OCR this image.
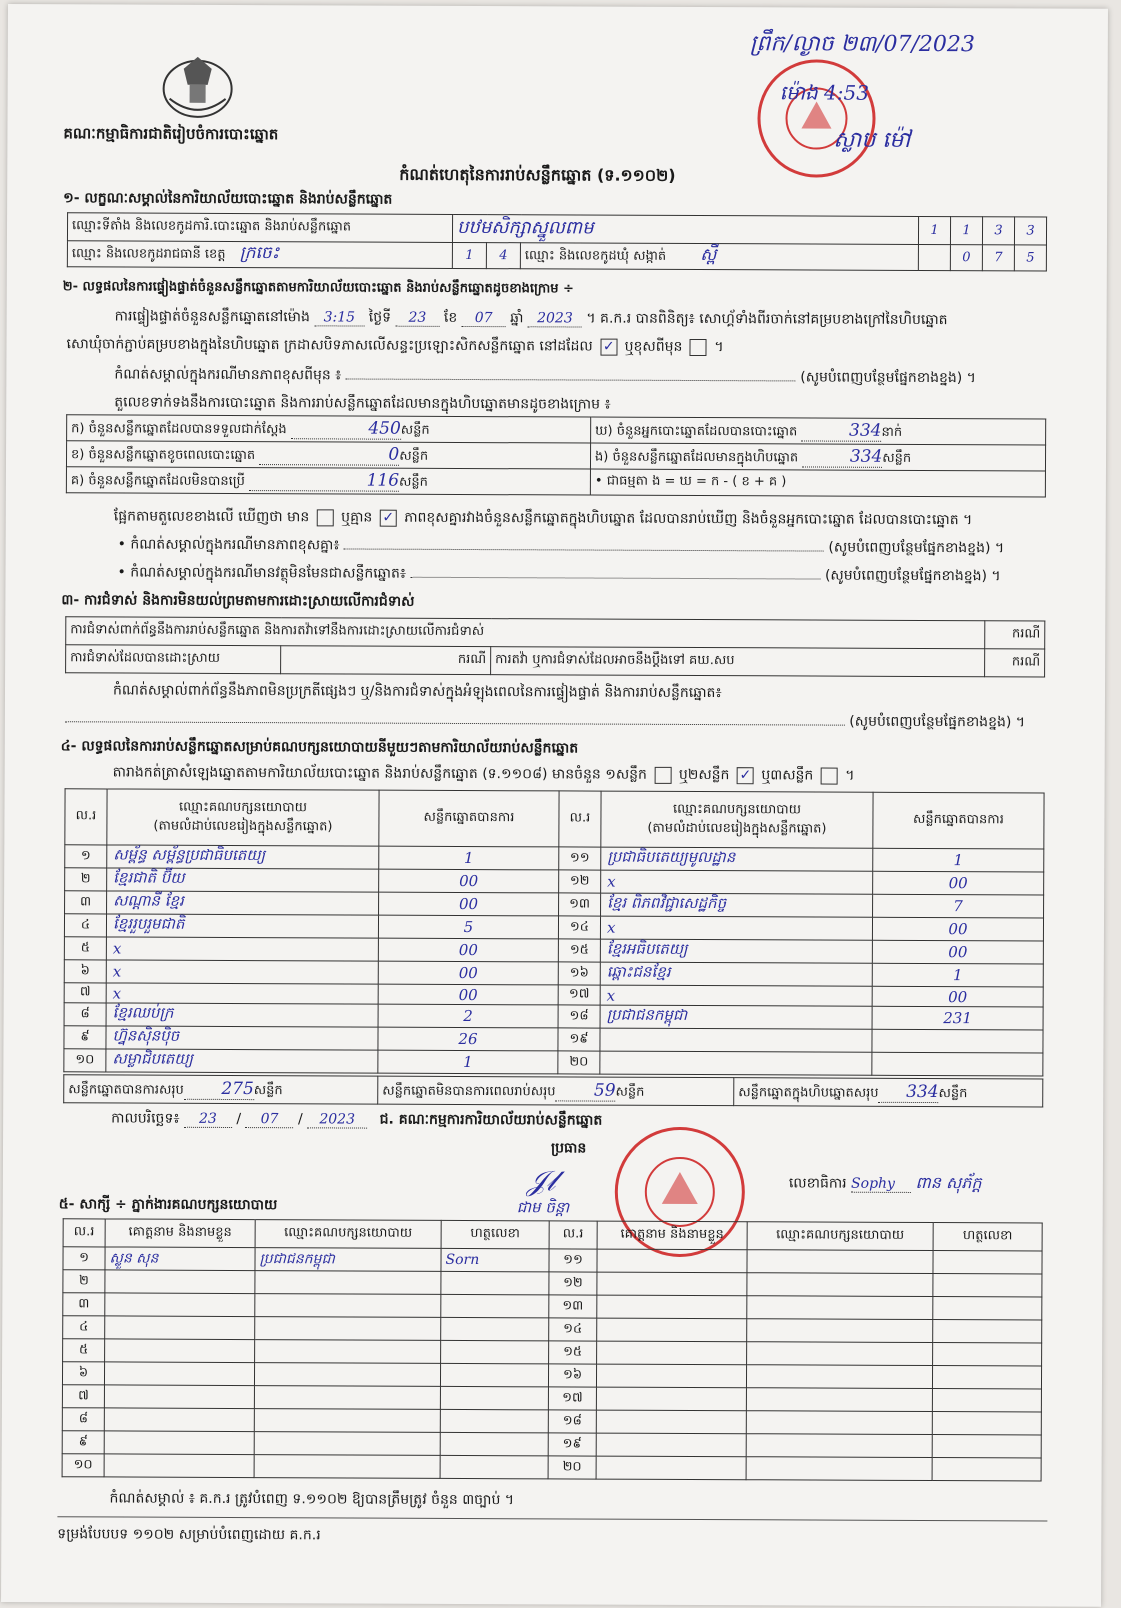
គណៈកម្មាធិការជាតិរៀបចំការបោះឆ្នោត
ព្រឹក/ល្ងាច ២៣/07/2023
ម៉ោង 4:53
ស្លាប ម៉ៅ
កំណត់ហេតុនៃការរាប់សន្លឹកឆ្នោត (ទ.១១០២)
១- លក្ខណៈសម្គាល់នៃការិយាល័យបោះឆ្នោត និងរាប់សន្លឹកឆ្នោត
ឈ្មោះទីតាំង និងលេខកូដការិ.បោះឆ្នោត និងរាប់សន្លឹកឆ្នោត	បឋមសិក្សាស្នួលពាម			1	1	3	3
ឈ្មោះ និងលេខកូដរាជធានី ខេត្ត ក្រចេះ	1	4	ឈ្មោះ និងលេខកូដឃុំ សង្កាត់ ស្ពឺ		0	7	5
២- លទ្ធផលនៃការផ្ទៀងផ្ទាត់ចំនួនសន្លឹកឆ្នោតតាមការិយាល័យបោះឆ្នោត និងរាប់សន្លឹកឆ្នោតដូចខាងក្រោម ÷
ការផ្ទៀងផ្ទាត់ចំនួនសន្លឹកឆ្នោតនៅម៉ោង 3:15 ថ្ងៃទី 23 ខែ 07 ឆ្នាំ 2023 ។ គ.ក.រ បានពិនិត្យ៖ សោហ្គ័ទាំងពីរចាក់នៅគម្របខាងក្រៅនៃហិបឆ្នោត
សោឃុំចាក់ភ្ជាប់គម្របខាងក្នុងនៃហិបឆ្នោត ក្រដាសបិទភាសលើសន្ទះប្រឡោះសិកសន្លឹកឆ្នោត នៅដដែល ✓ ឬខុសពីមុន  ។
កំណត់សម្គាល់ក្នុងករណីមានភាពខុសពីមុន ៖	(សូមបំពេញបន្ថែមផ្នែកខាងខ្នង) ។
តួលេខទាក់ទងនឹងការបោះឆ្នោត និងការរាប់សន្លឹកឆ្នោតដែលមានក្នុងហិបឆ្នោតមានដូចខាងក្រោម ៖
ក) ចំនួនសន្លឹកឆ្នោតដែលបានទទួលជាក់ស្តែង 450សន្លឹក	ឃ) ចំនួនអ្នកបោះឆ្នោតដែលបានបោះឆ្នោត 334នាក់
ខ) ចំនួនសន្លឹកឆ្នោតខូចពេលបោះឆ្នោត 0សន្លឹក	ង) ចំនួនសន្លឹកឆ្នោតដែលមានក្នុងហិបឆ្នោត 334សន្លឹក
គ) ចំនួនសន្លឹកឆ្នោតដែលមិនបានប្រើ 116សន្លឹក	• ជាធម្មតា ង = ឃ = ក - ( ខ + គ )
ផ្អែកតាមតួលេខខាងលើ ឃើញថា មាន ឬគ្មាន ✓ ភាពខុសគ្នារវាងចំនួនសន្លឹកឆ្នោតក្នុងហិបឆ្នោត ដែលបានរាប់ឃើញ និងចំនួនអ្នកបោះឆ្នោត ដែលបានបោះឆ្នោត ។
• កំណត់សម្គាល់ក្នុងករណីមានភាពខុសគ្នា៖	(សូមបំពេញបន្ថែមផ្នែកខាងខ្នង) ។
• កំណត់សម្គាល់ក្នុងករណីមានវត្ថុមិនមែនជាសន្លឹកឆ្នោត៖	(សូមបំពេញបន្ថែមផ្នែកខាងខ្នង) ។
៣- ការជំទាស់ និងការមិនយល់ព្រមតាមការដោះស្រាយលើការជំទាស់
ការជំទាស់ពាក់ព័ន្ធនឹងការរាប់សន្លឹកឆ្នោត និងការតវ៉ាទៅនឹងការដោះស្រាយលើការជំទាស់			ករណី
ការជំទាស់ដែលបានដោះស្រាយ	ករណី	ការតវ៉ា ឬការជំទាស់ដែលអាចនឹងប្តឹងទៅ គឃ.សប	ករណី
កំណត់សម្គាល់ពាក់ព័ន្ធនឹងភាពមិនប្រក្រតីផ្សេងៗ ឬ/និងការជំទាស់ក្នុងអំឡុងពេលនៃការផ្ទៀងផ្ទាត់ និងការរាប់សន្លឹកឆ្នោត៖
(សូមបំពេញបន្ថែមផ្នែកខាងខ្នង) ។
៤- លទ្ធផលនៃការរាប់សន្លឹកឆ្នោតសម្រាប់គណបក្សនយោបាយនីមួយៗតាមការិយាល័យរាប់សន្លឹកឆ្នោត
តារាងកត់ត្រាសំឡេងឆ្នោតតាមការិយាល័យបោះឆ្នោត និងរាប់សន្លឹកឆ្នោត (ទ.១១០៨) មានចំនួន ១សន្លឹក ឬ២សន្លឹក ✓ ឬ៣សន្លឹក  ។
ល.រ	ឈ្មោះគណបក្សនយោបាយ
(តាមលំដាប់លេខរៀងក្នុងសន្លឹកឆ្នោត)	សន្លឹកឆ្នោតបានការ	ល.រ	ឈ្មោះគណបក្សនយោបាយ
(តាមលំដាប់លេខរៀងក្នុងសន្លឹកឆ្នោត)	សន្លឹកឆ្នោតបានការ
១	សម្ព័ន្ធ សម្ព័ន្ធប្រជាធិបតេយ្យ	1	១១	ប្រជាធិបតេយ្យមូលដ្ឋាន	1
២	ខ្មែរជាតិ ប៊ីយ	00	១២	x	00
៣	សណ្តានី ខ្មែរ	00	១៣	ខ្មែរ ពិភពវិជ្ជាសេដ្ឋកិច្ច	7
៤	ខ្មែររួបរួមជាតិ	5	១៤	x	00
៥	x	00	១៥	ខ្មែរអធិបតេយ្យ	00
៦	x	00	១៦	ឆ្ពោះជនខ្មែរ	1
៧	x	00	១៧	x	00
៨	ខ្មែរឈប់ក្រ	2	១៨	ប្រជាជនកម្ពុជា	231
៩	ហ្វ៊ុនស៊ិនប៉ិច	26	១៩		
១០	សម្លាជិបតេយ្យ	1	២០		
សន្លឹកឆ្នោតបានការសរុប 275សន្លឹក	សន្លឹកឆ្នោតមិនបានការពេលរាប់សរុប 59សន្លឹក	សន្លឹកឆ្នោតក្នុងហិបឆ្នោតសរុប 334សន្លឹក
កាលបរិច្ឆេទ៖ 23 / 07 / 2023 ជ. គណៈកម្មការការិយាល័យរាប់សន្លឹកឆ្នោត
ប្រធាន
𝒥𝓁
ជាម ចិន្តា
លេខាធិការ Sophy ពាន សុភ័ក្ត
៥- សាក្សី ÷ ភ្នាក់ងារគណបក្សនយោបាយ
ល.រ	គោត្តនាម និងនាមខ្លួន	ឈ្មោះគណបក្សនយោបាយ	ហត្ថលេខា	ល.រ	គោត្តនាម និងនាមខ្លួន	ឈ្មោះគណបក្សនយោបាយ	ហត្ថលេខា
១	ស្លួន សុន	ប្រជាជនកម្ពុជា	Sorn	១១			
២				១២			
៣				១៣			
៤				១៤			
៥				១៥			
៦				១៦			
៧				១៧			
៨				១៨			
៩				១៩			
១០				២០			
កំណត់សម្គាល់ ៖ គ.ក.រ ត្រូវបំពេញ ទ.១១០២ ឱ្យបានត្រឹមត្រូវ ចំនួន ៣ច្បាប់ ។
ទម្រង់បែបបទ ១១០២ សម្រាប់បំពេញដោយ គ.ក.រ
